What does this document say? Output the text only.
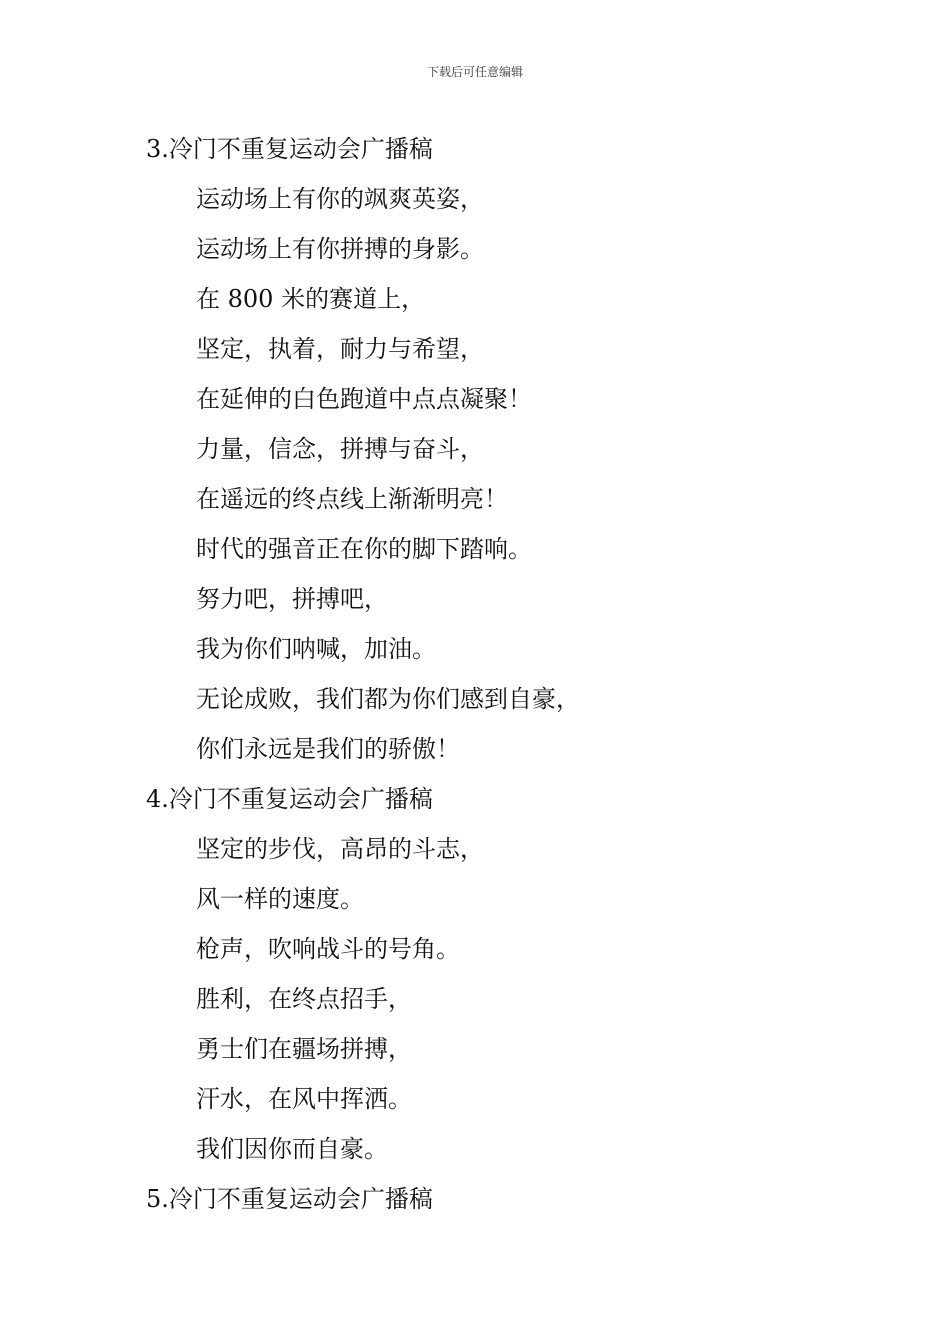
下载后可任意编辑
3.冷门不重复运动会广播稿

运动场上有你的飒爽英姿，

运动场上有你拼搏的身影。

在 800 米的赛道上，

坚定，执着，耐力与希望，

在延伸的白色跑道中点点凝聚！

力量，信念，拼搏与奋斗，

在遥远的终点线上渐渐明亮！

时代的强音正在你的脚下踏响。

努力吧，拼搏吧，

我为你们呐喊，加油。

无论成败，我们都为你们感到自豪，

你们永远是我们的骄傲！

4.冷门不重复运动会广播稿

坚定的步伐，高昂的斗志，

风一样的速度。

枪声，吹响战斗的号角。

胜利，在终点招手，

勇士们在疆场拼搏，

汗水，在风中挥洒。

我们因你而自豪。

5.冷门不重复运动会广播稿
